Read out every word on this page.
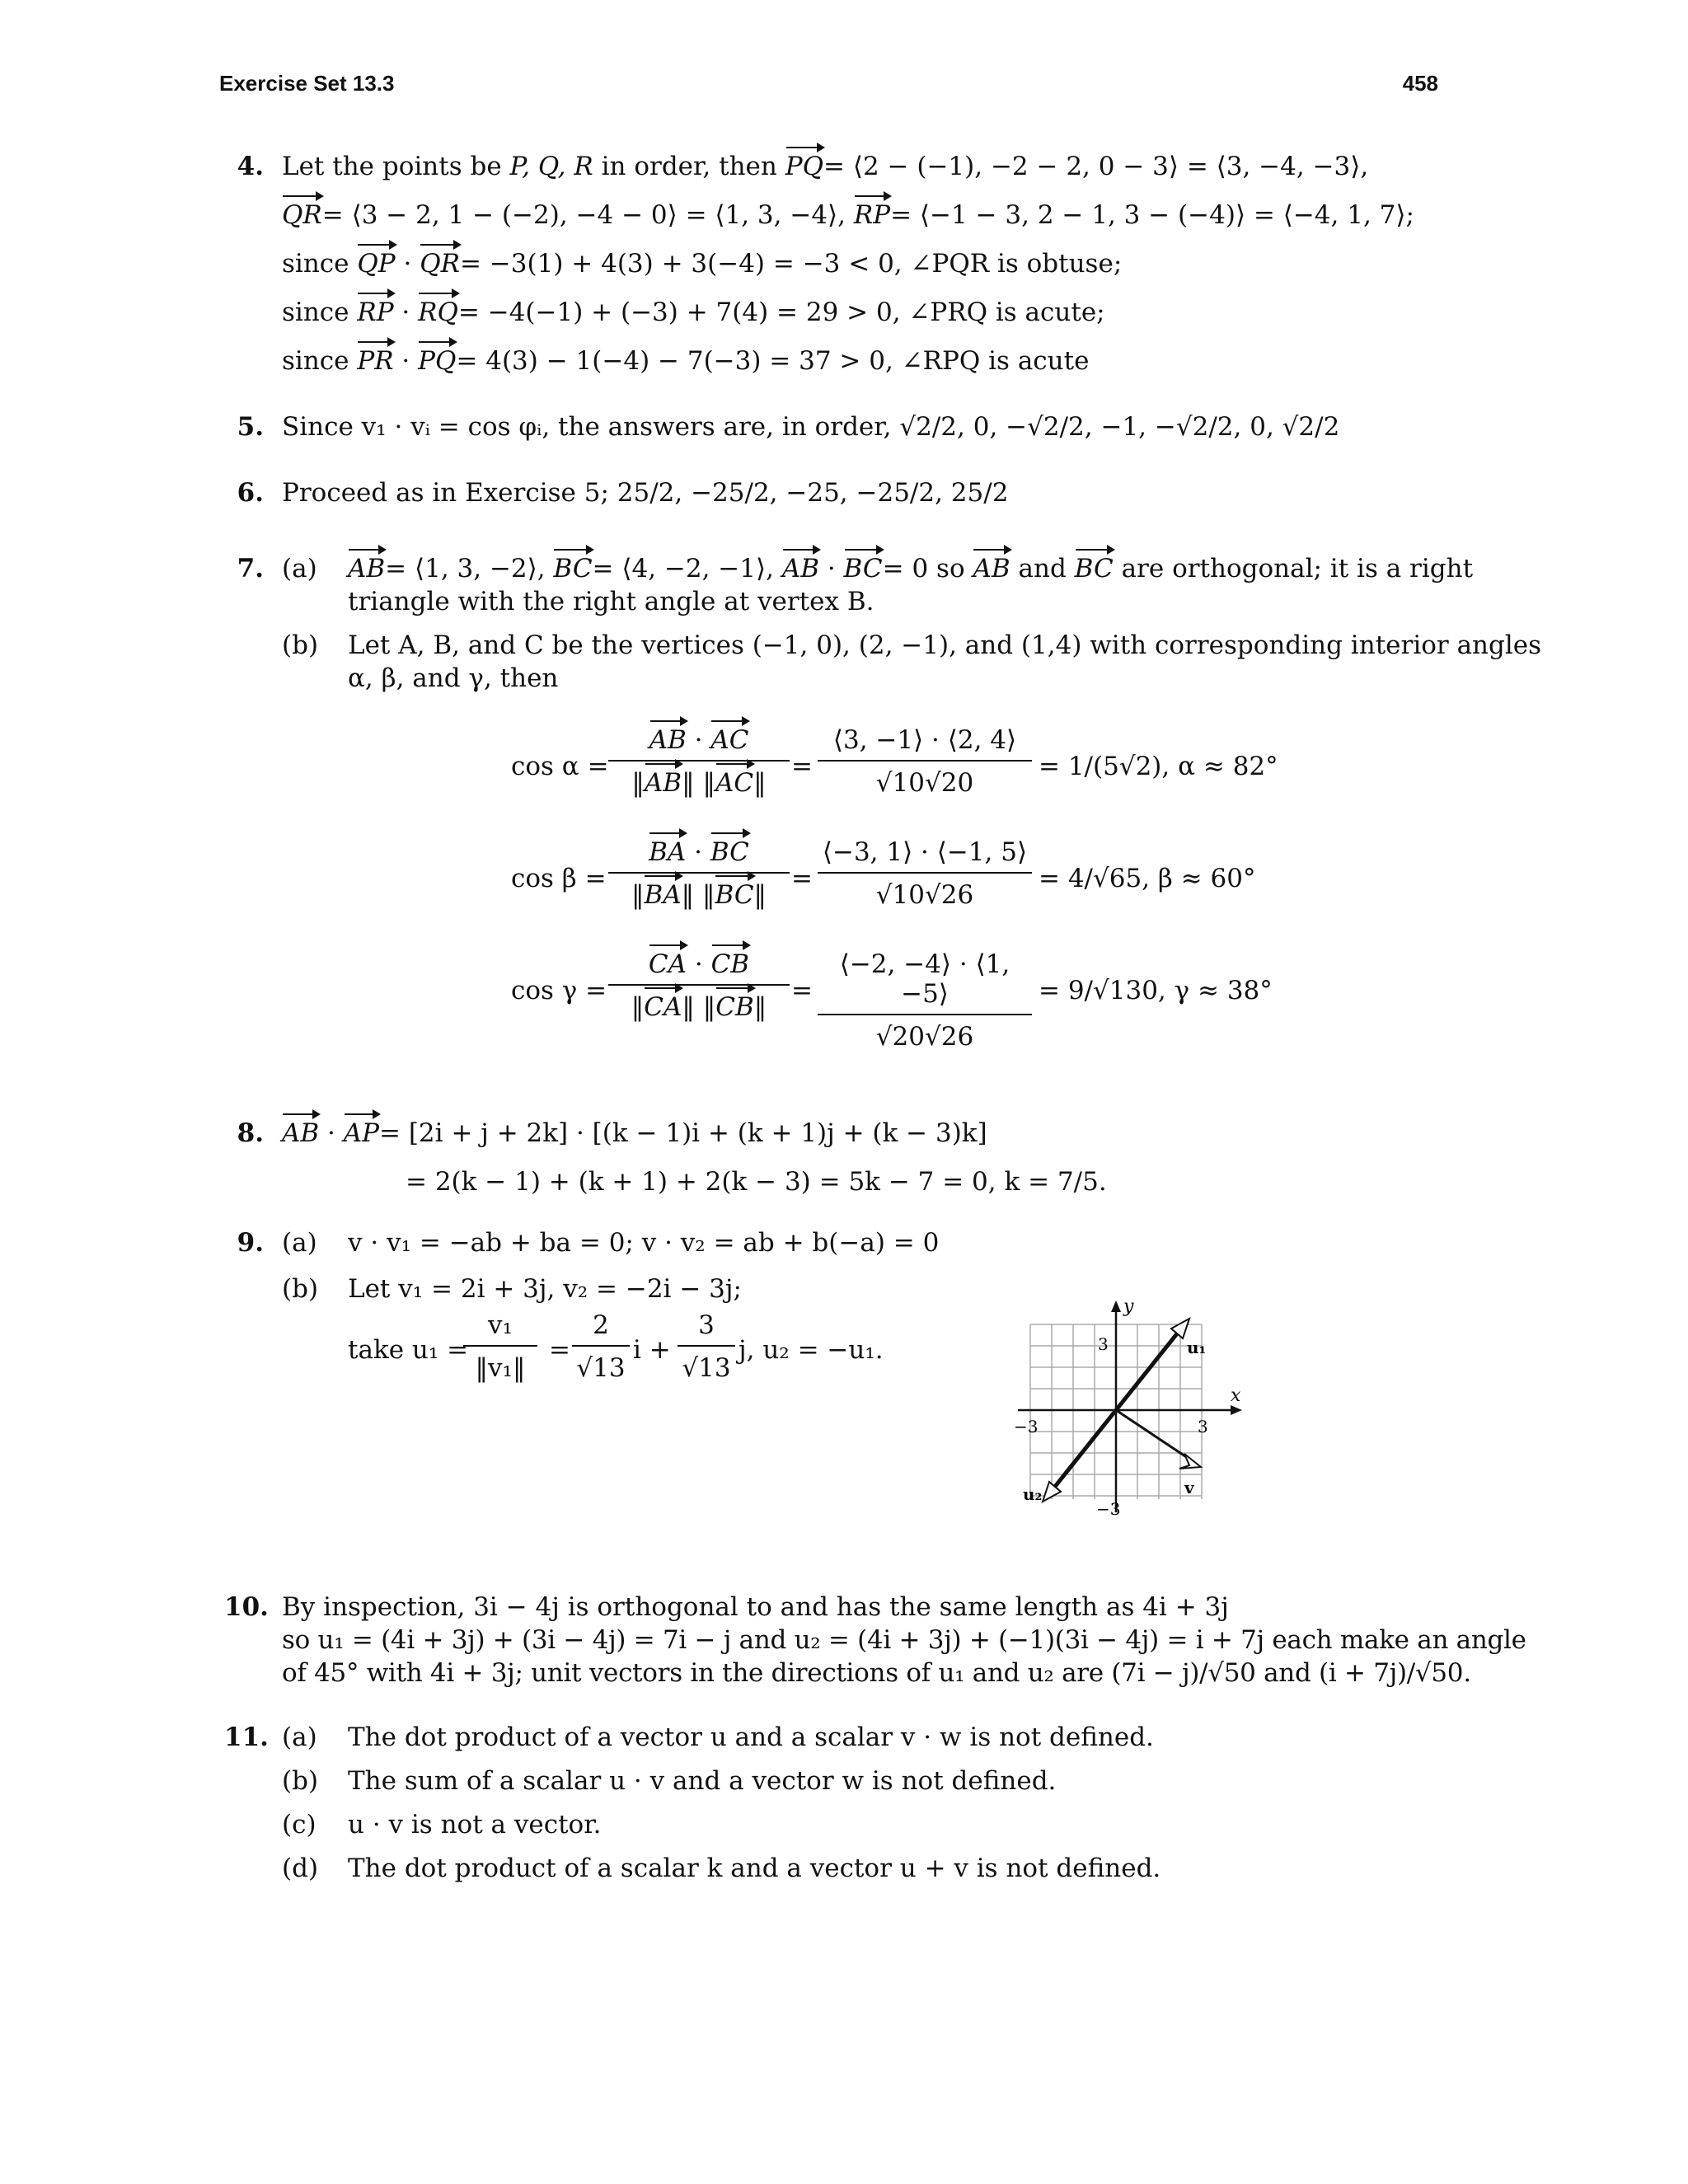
Exercise Set 13.3	458
4. Let the points be P, Q, R in order, then PQ= ⟨2 − (−1), −2 − 2, 0 − 3⟩ = ⟨3, −4, −3⟩,
QR= ⟨3 − 2, 1 − (−2), −4 − 0⟩ = ⟨1, 3, −4⟩, RP= ⟨−1 − 3, 2 − 1, 3 − (−4)⟩ = ⟨−4, 1, 7⟩;
since QP · QR= −3(1) + 4(3) + 3(−4) = −3 < 0, ∠PQR is obtuse;
since RP · RQ= −4(−1) + (−3) + 7(4) = 29 > 0, ∠PRQ is acute;
since PR · PQ= 4(3) − 1(−4) − 7(−3) = 37 > 0, ∠RPQ is acute
5. Since v₁ · vᵢ = cos φᵢ, the answers are, in order, √2/2, 0, −√2/2, −1, −√2/2, 0, √2/2
6. Proceed as in Exercise 5; 25/2, −25/2, −25, −25/2, 25/2
7. (a) AB= ⟨1, 3, −2⟩, BC= ⟨4, −2, −1⟩, AB · BC= 0 so AB and BC are orthogonal; it is a right
triangle with the right angle at vertex B.
(b) Let A, B, and C be the vertices (−1, 0), (2, −1), and (1,4) with corresponding interior angles
α, β, and γ, then
$\cos \alpha = \frac{AB \cdot AC}{‖AB‖ ‖AC‖} = \frac{⟨3, -1⟩ \cdot ⟨2, 4⟩}{√10√20} = 1/(5√2)$, α ≈ 82°
$\cos \beta = \frac{BA \cdot BC}{‖BA‖ ‖BC‖} = \frac{⟨-3, 1⟩ \cdot ⟨-1, 5⟩}{√10√26} = 4/√65$, β ≈ 60°
$\cos \gamma = \frac{CA \cdot CB}{‖CA‖ ‖CB‖} = \frac{⟨-2, -4⟩ \cdot ⟨1, -5⟩}{√20√26} = 9/√130$, γ ≈ 38°
8. AB · AP= [2i + j + 2k] · [(k − 1)i + (k + 1)j + (k − 3)k]
= 2(k − 1) + (k + 1) + 2(k − 3) = 5k − 7 = 0, k = 7/5.
9. (a) v · v₁ = −ab + ba = 0; v · v₂ = ab + b(−a) = 0
(b) Let v₁ = 2i + 3j, v₂ = −2i − 3j;
take u₁ =
$\frac{\text{v₁}}{\text{‖v₁‖}} = \frac{2}{√13}$ $i + \frac{3}{√13} j$, u₂ = −u₁.
y
x
3
3
−3
−3
u₁
u₂	v
10. By inspection, 3i − 4j is orthogonal to and has the same length as 4i + 3j
so u₁ = (4i + 3j) + (3i − 4j) = 7i − j and u₂ = (4i + 3j) + (−1)(3i − 4j) = i + 7j each make an angle
of 45° with 4i + 3j; unit vectors in the directions of u₁ and u₂ are (7i − j)/√50 and (i + 7j)/√50.
11. (a) The dot product of a vector u and a scalar v · w is not defined.
(b) The sum of a scalar u · v and a vector w is not defined.
(c) u · v is not a vector.
(d) The dot product of a scalar k and a vector u + v is not defined.
